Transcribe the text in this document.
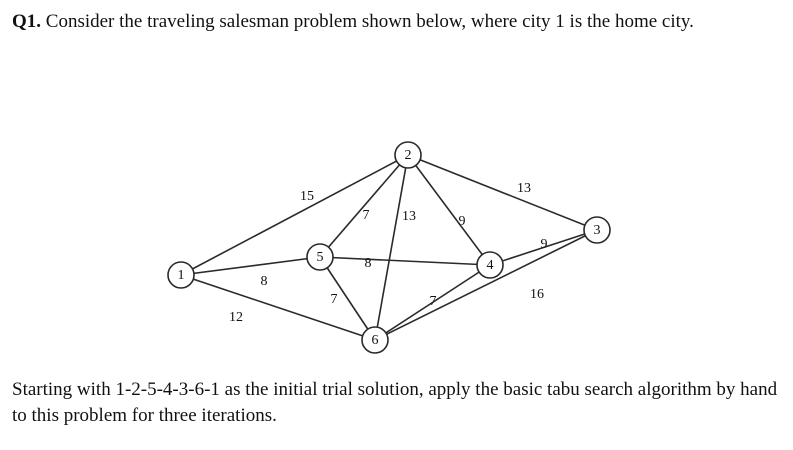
Q1. Consider the traveling salesman problem shown below, where city 1 is the home city.
15
8
12
13
7 13	9
8
7
9
7	16
1
2
3
4
5
6
Starting with 1-2-5-4-3-6-1 as the initial trial solution, apply the basic tabu search algorithm by hand to this problem for three iterations.
